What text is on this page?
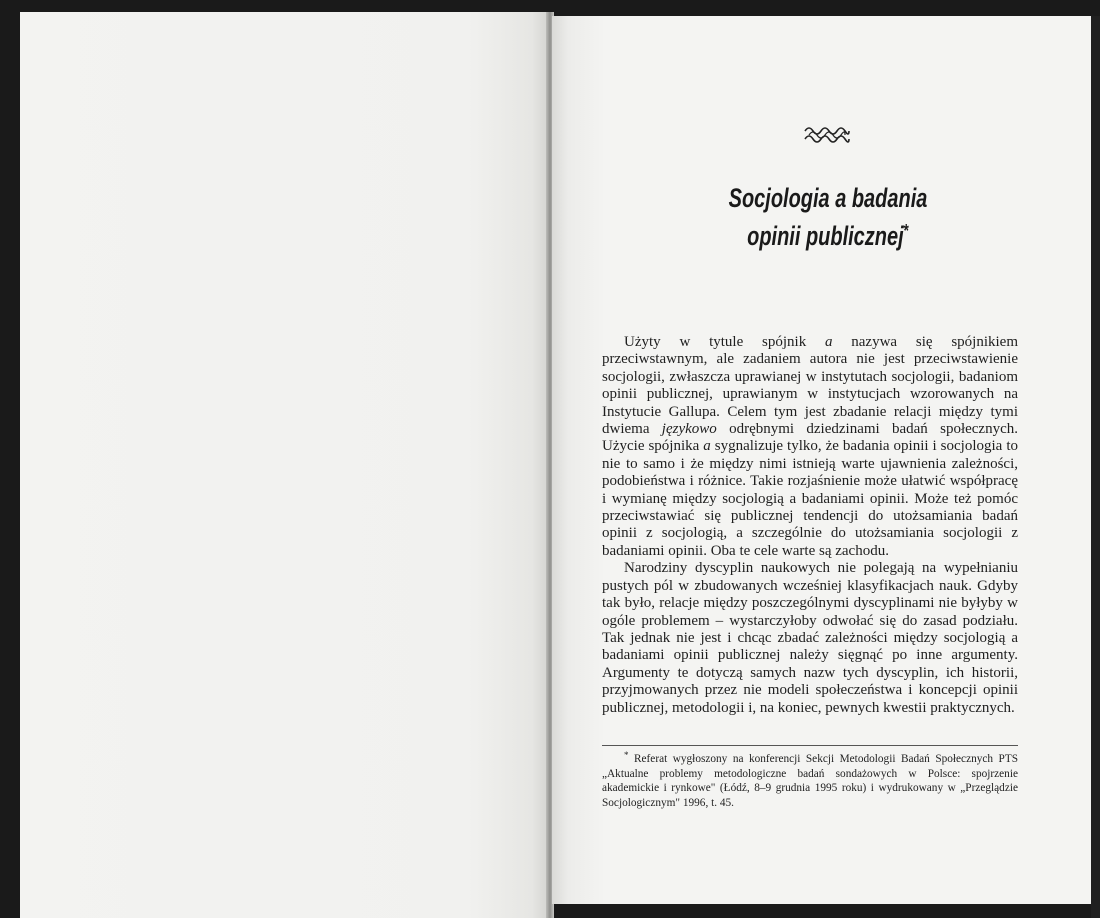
Socjologia a badania
opinii publicznej*

Użyty w tytule spójnik a nazywa się spójnikiem przeciwstawnym, ale zadaniem autora nie jest przeciwstawienie socjologii, zwłaszcza uprawianej w instytutach socjologii, badaniom opinii publicznej, uprawianym w instytucjach wzorowanych na Instytucie Gallupa. Celem tym jest zbadanie relacji między tymi dwiema językowo odrębnymi dziedzinami badań społecznych. Użycie spójnika a sygnalizuje tylko, że badania opinii i socjologia to nie to samo i że między nimi istnieją warte ujawnienia zależności, podobieństwa i różnice. Takie rozjaśnienie może ułatwić współpracę i wymianę między socjologią a badaniami opinii. Może też pomóc przeciwstawiać się publicznej tendencji do utożsamiania badań opinii z socjologią, a szczególnie do utożsamiania socjologii z badaniami opinii. Oba te cele warte są zachodu.

Narodziny dyscyplin naukowych nie polegają na wypełnianiu pustych pól w zbudowanych wcześniej klasyfikacjach nauk. Gdyby tak było, relacje między poszczególnymi dyscyplinami nie byłyby w ogóle problemem – wystarczyłoby odwołać się do zasad podziału. Tak jednak nie jest i chcąc zbadać zależności między socjologią a badaniami opinii publicznej należy sięgnąć po inne argumenty. Argumenty te dotyczą samych nazw tych dyscyplin, ich historii, przyjmowanych przez nie modeli społeczeństwa i koncepcji opinii publicznej, metodologii i, na koniec, pewnych kwestii praktycznych.

* Referat wygłoszony na konferencji Sekcji Metodologii Badań Społecznych PTS „Aktualne problemy metodologiczne badań sondażowych w Polsce: spojrzenie akademickie i rynkowe" (Łódź, 8–9 grudnia 1995 roku) i wydrukowany w „Przeglądzie Socjologicznym" 1996, t. 45.
